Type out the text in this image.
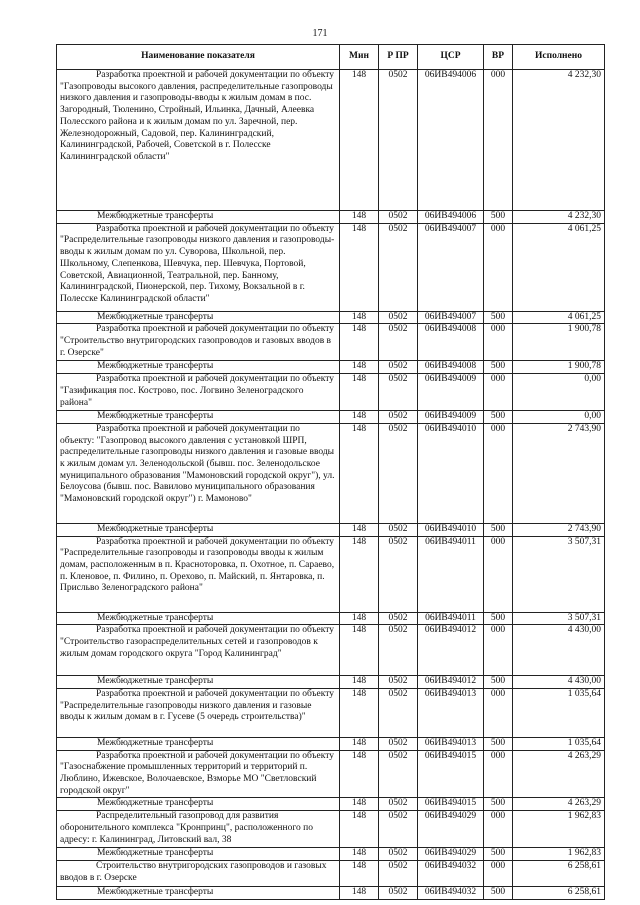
171
Наименование показателя	Мин	Р ПР	ЦСР	ВР	Исполнено
Разработка проектной и рабочей документации по объекту "Газопроводы высокого давления, распределительные газопроводы низкого давления и газопроводы-вводы к жилым домам в пос. Загородный, Тюленино, Стройный, Ильинка, Дачный, Алеевка Полесского района и к жилым домам по ул. Заречной, пер. Железнодорожный, Садовой, пер. Калининградский, Калининградской, Рабочей, Советской в г. Полесске Калининградской области"	148	0502	06ИВ494006	000	4 232,30
Межбюджетные трансферты	148	0502	06ИВ494006	500	4 232,30
Разработка проектной и рабочей документации по объекту "Распределительные газопроводы низкого давления и газопроводы-вводы к жилым домам по ул. Суворова, Школьной, пер. Школьному, Слепенкова, Шевчука, пер. Шевчука, Портовой, Советской, Авиационной, Театральной, пер. Банному, Калининградской, Пионерской, пер. Тихому, Вокзальной в г. Полесске Калининградской области"	148	0502	06ИВ494007	000	4 061,25
Межбюджетные трансферты	148	0502	06ИВ494007	500	4 061,25
Разработка проектной и рабочей документации по объекту "Строительство внутригородских газопроводов и газовых вводов в г. Озерске"	148	0502	06ИВ494008	000	1 900,78
Межбюджетные трансферты	148	0502	06ИВ494008	500	1 900,78
Разработка проектной и рабочей документации по объекту "Газификация пос. Кострово, пос. Логвино Зеленоградского района"	148	0502	06ИВ494009	000	0,00
Межбюджетные трансферты	148	0502	06ИВ494009	500	0,00
Разработка проектной и рабочей документации по объекту: "Газопровод высокого давления с установкой ШРП, распределительные газопроводы низкого давления и газовые вводы к жилым домам ул. Зеленодольской (бывш. пос. Зеленодольское муниципального образования "Мамоновский городской округ"), ул. Белоусова (бывш. пос. Вавилово муниципального образования "Мамоновский городской округ") г. Мамоново"	148	0502	06ИВ494010	000	2 743,90
Межбюджетные трансферты	148	0502	06ИВ494010	500	2 743,90
Разработка проектной и рабочей документации по объекту "Распределительные газопроводы и газопроводы вводы к жилым домам, расположенным в п. Красноторовка, п. Охотное, п. Сараево, п. Кленовое, п. Филино, п. Орехово, п. Майский, п. Янтаровка, п. Присльво Зеленоградского района"	148	0502	06ИВ494011	000	3 507,31
Межбюджетные трансферты	148	0502	06ИВ494011	500	3 507,31
Разработка проектной и рабочей документации по объекту "Строительство газораспределительных сетей и газопроводов к жилым домам городского округа "Город Калининград"	148	0502	06ИВ494012	000	4 430,00
Межбюджетные трансферты	148	0502	06ИВ494012	500	4 430,00
Разработка проектной и рабочей документации по объекту "Распределительные газопроводы низкого давления и газовые вводы к жилым домам в г. Гусеве (5 очередь строительства)"	148	0502	06ИВ494013	000	1 035,64
Межбюджетные трансферты	148	0502	06ИВ494013	500	1 035,64
Разработка проектной и рабочей документации по объекту "Газоснабжение промышленных территорий и территорий п. Люблино, Ижевское, Волочаевское, Взморье МО "Светловский городской округ"	148	0502	06ИВ494015	000	4 263,29
Межбюджетные трансферты	148	0502	06ИВ494015	500	4 263,29
Распределительный газопровод для развития оборонительного комплекса "Кронпринц", расположенного по адресу: г. Калининград, Литовский вал, 38	148	0502	06ИВ494029	000	1 962,83
Межбюджетные трансферты	148	0502	06ИВ494029	500	1 962,83
Строительство внутригородских газопроводов и газовых вводов в г. Озерске	148	0502	06ИВ494032	000	6 258,61
Межбюджетные трансферты	148	0502	06ИВ494032	500	6 258,61
